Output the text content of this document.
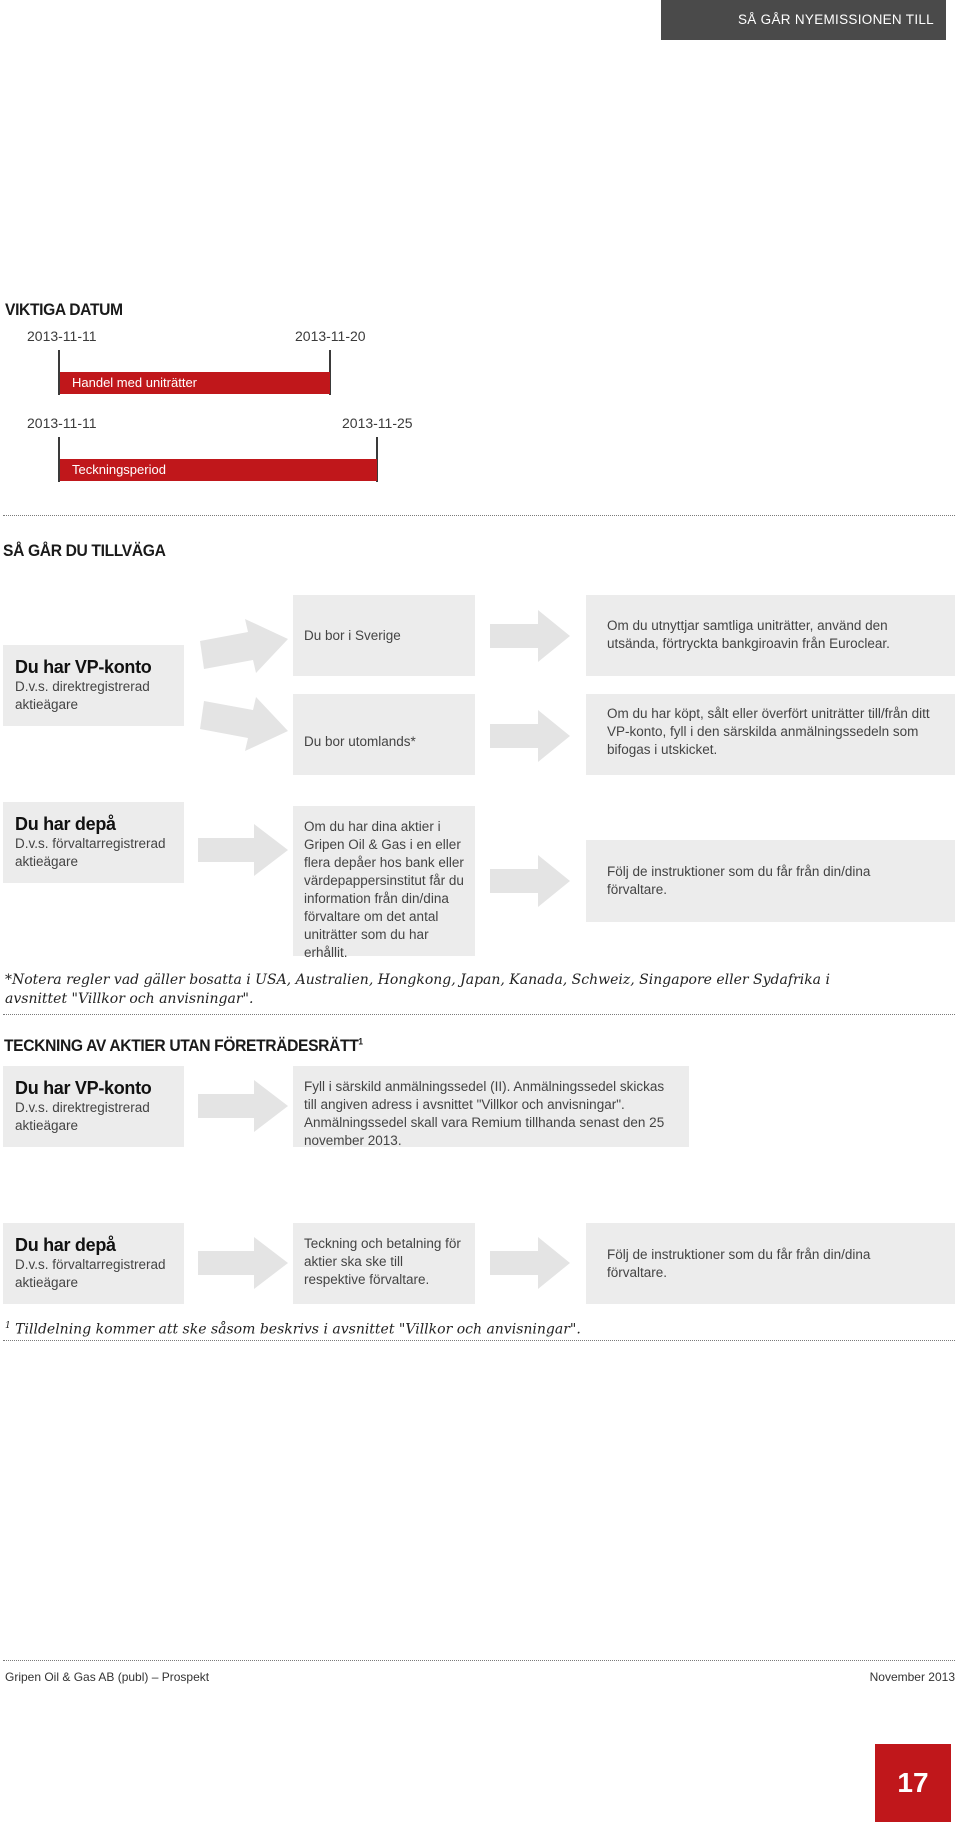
SÅ GÅR NYEMISSIONEN TILL
VIKTIGA DATUM
2013-11-11	2013-11-20
Handel med uniträtter
2013-11-11	2013-11-25
Teckningsperiod
SÅ GÅR DU TILLVÄGA
Du har VP-konto
D.v.s. direktregistrerad aktieägare
Du bor i Sverige
Du bor utomlands*
Om du utnyttjar samtliga uniträtter, använd den utsända, förtryckta bankgiroavin från Euroclear.
Om du har köpt, sålt eller överfört uniträtter till/från ditt VP-konto, fyll i den särskilda anmälningssedeln som bifogas i utskicket.
Du har depå
D.v.s. förvaltarregistrerad aktieägare
Om du har dina aktier i Gripen Oil & Gas i en eller flera depåer hos bank eller värdepappersinstitut får du information från din/dina förvaltare om det antal uniträtter som du har erhållit.
Följ de instruktioner som du får från din/dina förvaltare.
*Notera regler vad gäller bosatta i USA, Australien, Hongkong, Japan, Kanada, Schweiz, Singapore eller Sydafrika i avsnittet "Villkor och anvisningar".
TECKNING AV AKTIER UTAN FÖRETRÄDESRÄTT$^1$
Du har VP-konto
D.v.s. direktregistrerad aktieägare
Fyll i särskild anmälningssedel (II). Anmälningssedel skickas till angiven adress i avsnittet "Villkor och anvisningar". Anmälningssedel skall vara Remium tillhanda senast den 25 november 2013.
Du har depå
D.v.s. förvaltarregistrerad aktieägare
Teckning och betalning för aktier ska ske till respektive förvaltare.
Följ de instruktioner som du får från din/dina förvaltare.
$^1$ Tilldelning kommer att ske såsom beskrivs i avsnittet "Villkor och anvisningar".
Gripen Oil & Gas AB (publ) – Prospekt	November 2013
17
